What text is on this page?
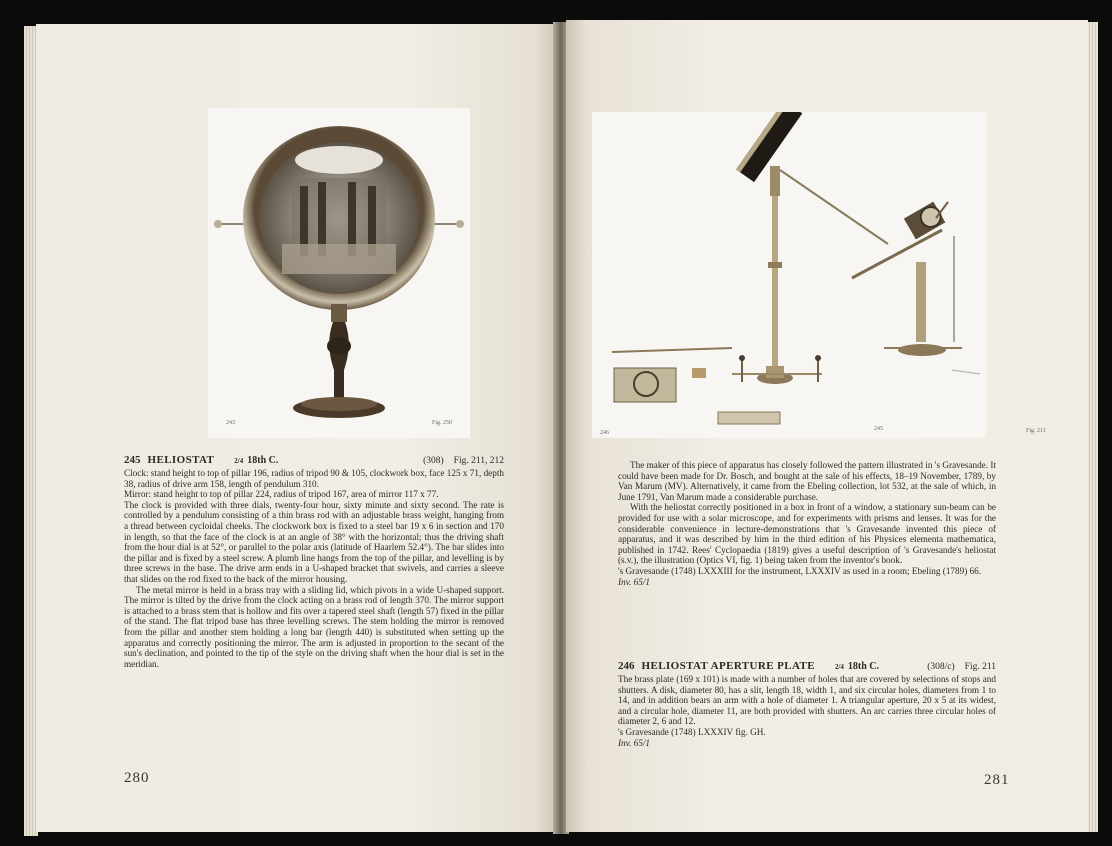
243	Fig. 250
245 HELIOSTAT	2/4 18th C.	(308) Fig. 211, 212

Clock: stand height to top of pillar 196, radius of tripod 90 & 105, clockwork box, face 125 x 71, depth 38, radius of drive arm 158, length of pendulum 310.

Mirror: stand height to top of pillar 224, radius of tripod 167, area of mirror 117 x 77.

The clock is provided with three dials, twenty-four hour, sixty minute and sixty second. The rate is controlled by a pendulum consisting of a thin brass rod with an adjustable brass weight, hanging from a thread between cycloidal cheeks. The clockwork box is fixed to a steel bar 19 x 6 in section and 170 in length, so that the face of the clock is at an angle of 38° with the horizontal; thus the driving shaft from the hour dial is at 52°, or parallel to the polar axis (latitude of Haarlem 52.4°). The bar slides into the pillar and is fixed by a steel screw. A plumb line hangs from the top of the pillar, and levelling is by three screws in the base. The drive arm ends in a U-shaped bracket that swivels, and carries a sleeve that slides on the rod fixed to the back of the mirror housing.

The metal mirror is held in a brass tray with a sliding lid, which pivots in a wide U-shaped support. The mirror is tilted by the drive from the clock acting on a brass rod of length 370. The mirror support is attached to a brass stem that is hollow and fits over a tapered steel shaft (length 57) fixed in the pillar of the stand. The flat tripod base has three levelling screws. The stem holding the mirror is removed from the pillar and another stem holding a long bar (length 440) is substituted when setting up the apparatus and correctly positioning the mirror. The arm is adjusted in proportion to the secant of the sun's declination, and pointed to the tip of the style on the driving shaft when the hour dial is set in the meridian.

280
246
245	Fig. 211

The maker of this piece of apparatus has closely followed the pattern illustrated in 's Gravesande. It could have been made for Dr. Bosch, and bought at the sale of his effects, 18–19 November, 1789, by Van Marum (MV). Alternatively, it came from the Ebeling collection, lot 532, at the sale of which, in June 1791, Van Marum made a considerable purchase.

With the heliostat correctly positioned in a box in front of a window, a stationary sun-beam can be provided for use with a solar microscope, and for experiments with prisms and lenses. It was for the considerable convenience in lecture-demonstrations that 's Gravesande invented this piece of apparatus, and it was described by him in the third edition of his Physices elementa mathematica, published in 1742. Rees' Cyclopaedia (1819) gives a useful description of 's Gravesande's heliostat (s.v.), the illustration (Optics VI, fig. 1) being taken from the inventor's book.

's Gravesande (1748) LXXXIII for the instrument, LXXXIV as used in a room; Ebeling (1789) 66.

Inv. 65/1

246 HELIOSTAT APERTURE PLATE	2/4 18th C.	(308/c) Fig. 211

The brass plate (169 x 101) is made with a number of holes that are covered by selections of stops and shutters. A disk, diameter 80, has a slit, length 18, width 1, and six circular holes, diameters from 1 to 14, and in addition bears an arm with a hole of diameter 1. A triangular aperture, 20 x 5 at its widest, and a circular hole, diameter 11, are both provided with shutters. An arc carries three circular holes of diameter 2, 6 and 12.

's Gravesande (1748) LXXXIV fig. GH.

Inv. 65/1

281
